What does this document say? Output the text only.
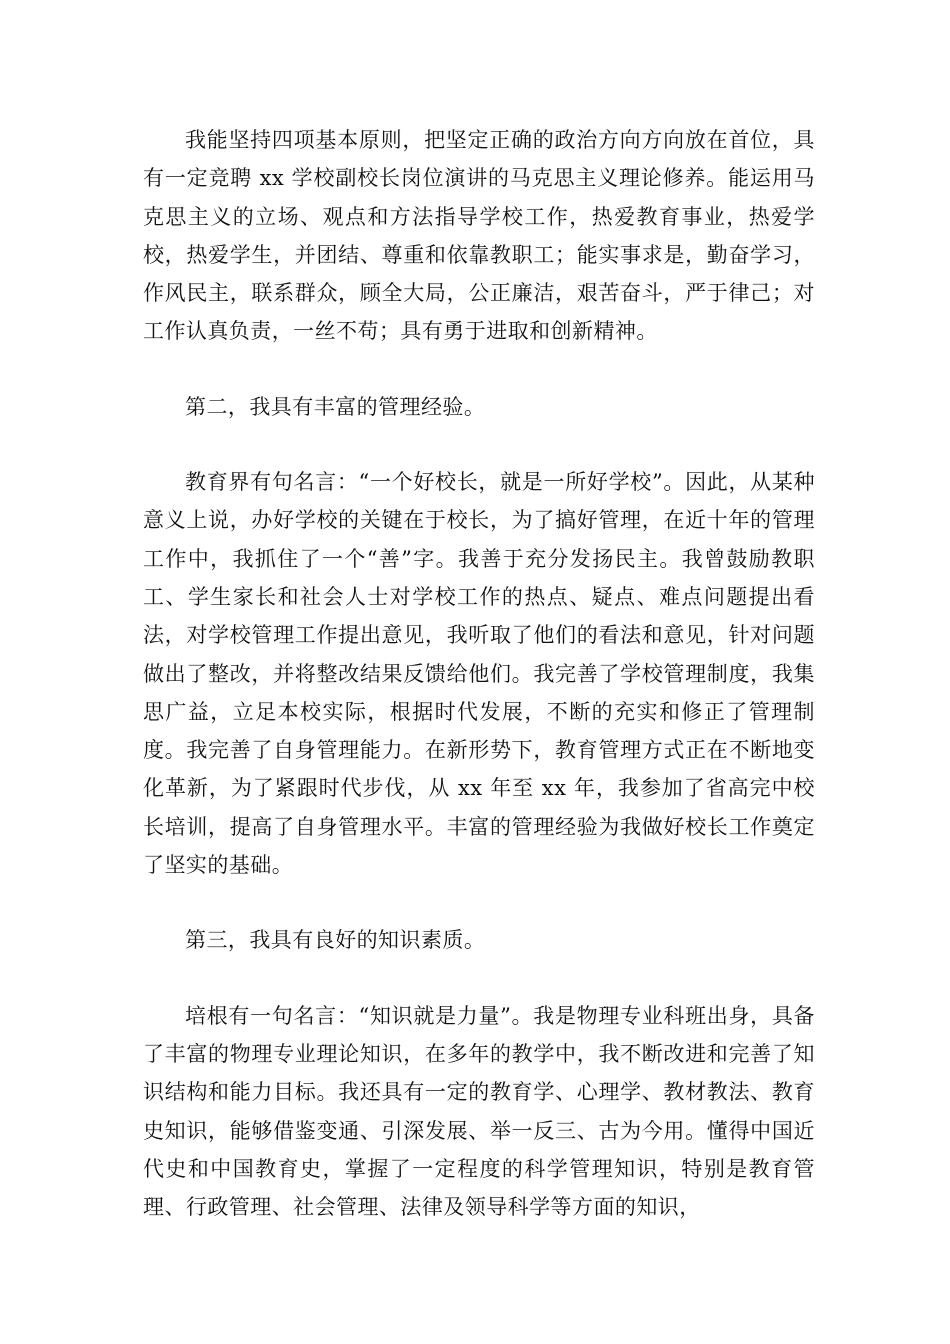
我能坚持四项基本原则，把坚定正确的政治方向方向放在首位，具有一定竞聘 xx 学校副校长岗位演讲的马克思主义理论修养。能运用马克思主义的立场、观点和方法指导学校工作，热爱教育事业，热爱学校，热爱学生，并团结、尊重和依靠教职工；能实事求是，勤奋学习，作风民主，联系群众，顾全大局，公正廉洁，艰苦奋斗，严于律己；对工作认真负责，一丝不苟；具有勇于进取和创新精神。

第二，我具有丰富的管理经验。

教育界有句名言：“一个好校长，就是一所好学校”。因此，从某种意义上说，办好学校的关键在于校长，为了搞好管理，在近十年的管理工作中，我抓住了一个“善”字。我善于充分发扬民主。我曾鼓励教职工、学生家长和社会人士对学校工作的热点、疑点、难点问题提出看法，对学校管理工作提出意见，我听取了他们的看法和意见，针对问题做出了整改，并将整改结果反馈给他们。我完善了学校管理制度，我集思广益，立足本校实际，根据时代发展，不断的充实和修正了管理制度。我完善了自身管理能力。在新形势下，教育管理方式正在不断地变化革新，为了紧跟时代步伐，从 xx 年至 xx 年，我参加了省高完中校长培训，提高了自身管理水平。丰富的管理经验为我做好校长工作奠定了坚实的基础。

第三，我具有良好的知识素质。

培根有一句名言：“知识就是力量”。我是物理专业科班出身，具备了丰富的物理专业理论知识，在多年的教学中，我不断改进和完善了知识结构和能力目标。我还具有一定的教育学、心理学、教材教法、教育史知识，能够借鉴变通、引深发展、举一反三、古为今用。懂得中国近代史和中国教育史，掌握了一定程度的科学管理知识，特别是教育管理、行政管理、社会管理、法律及领导科学等方面的知识，
